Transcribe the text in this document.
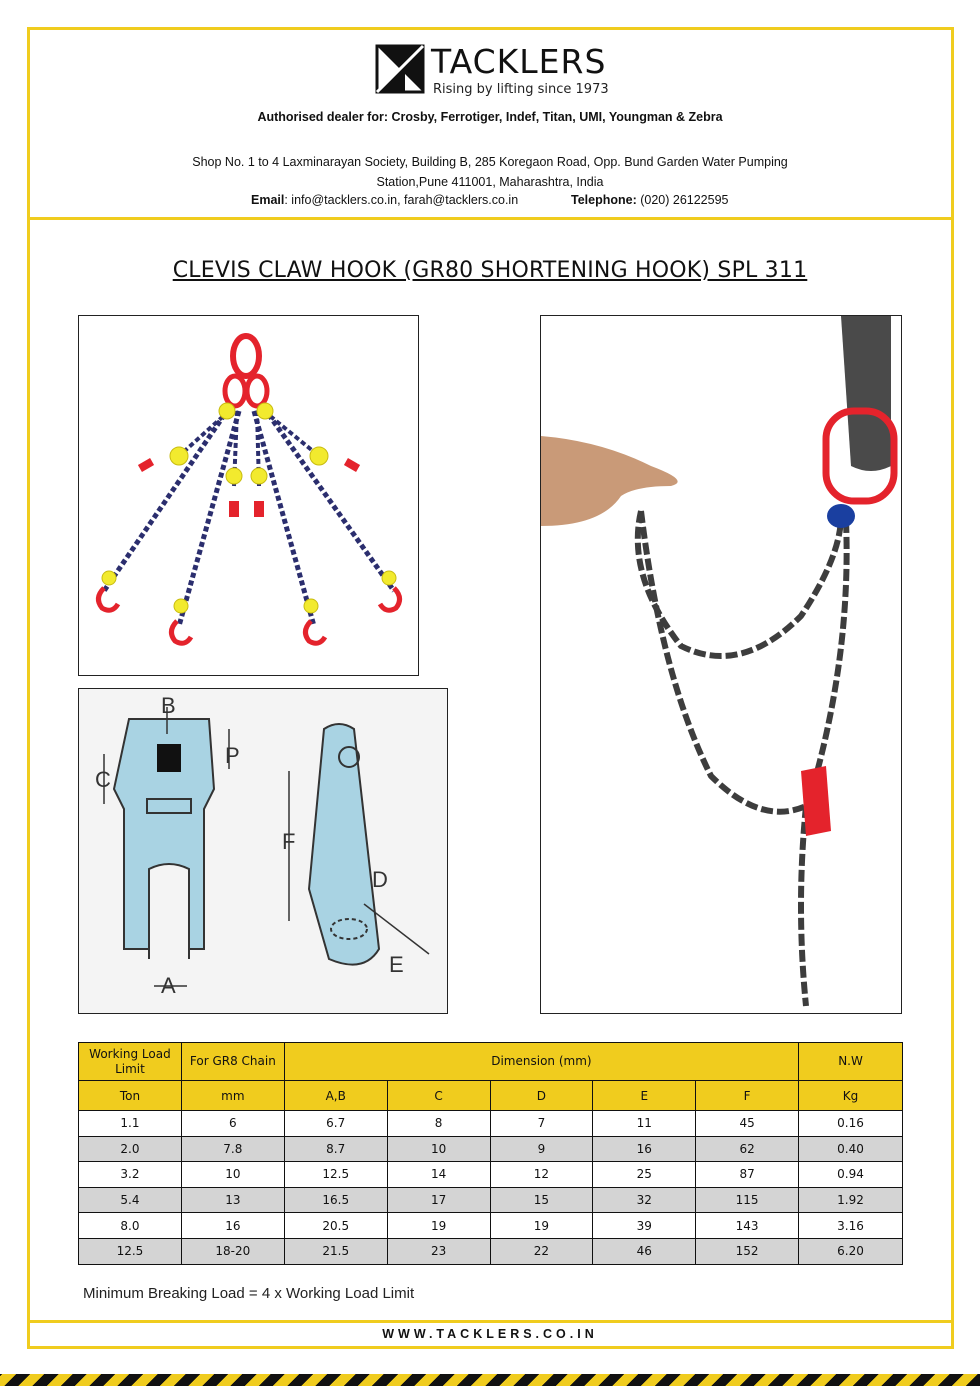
TACKLERS
Rising by lifting since 1973
Authorised dealer for: Crosby, Ferrotiger, Indef, Titan, UMI, Youngman & Zebra
Shop No. 1 to 4 Laxminarayan Society, Building B, 285 Koregaon Road, Opp. Bund Garden Water Pumping
Station,Pune 411001, Maharashtra, India
Email: info@tacklers.co.in, farah@tacklers.co.in	Telephone: (020) 26122595
CLEVIS CLAW HOOK (GR80 SHORTENING HOOK) SPL 311
B
C
P
F
D
E
A
Working Load Limit	For GR8 Chain	Dimension (mm)					N.W
Ton	mm	A,B	C	D	E	F	Kg
1.1	6	6.7	8	7	11	45	0.16
2.0	7.8	8.7	10	9	16	62	0.40
3.2	10	12.5	14	12	25	87	0.94
5.4	13	16.5	17	15	32	115	1.92
8.0	16	20.5	19	19	39	143	3.16
12.5	18-20	21.5	23	22	46	152	6.20
Minimum Breaking Load = 4 x Working Load Limit
WWW.TACKLERS.CO.IN
